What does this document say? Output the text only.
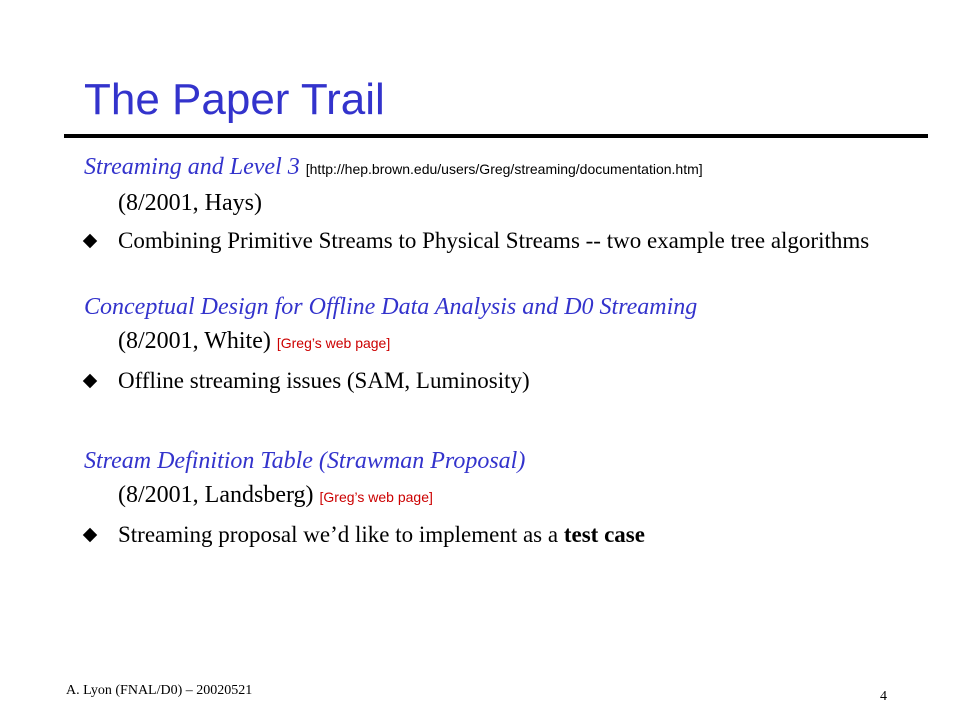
The Paper Trail
Streaming and Level 3 [http://hep.brown.edu/users/Greg/streaming/documentation.htm]
(8/2001, Hays)
Combining Primitive Streams to Physical Streams -- two example tree algorithms
Conceptual Design for Offline Data Analysis and D0 Streaming
(8/2001, White) [Greg’s web page]
Offline streaming issues (SAM, Luminosity)
Stream Definition Table (Strawman Proposal)
(8/2001, Landsberg) [Greg’s web page]
Streaming proposal we’d like to implement as a test case
A. Lyon (FNAL/D0) – 20020521	4
